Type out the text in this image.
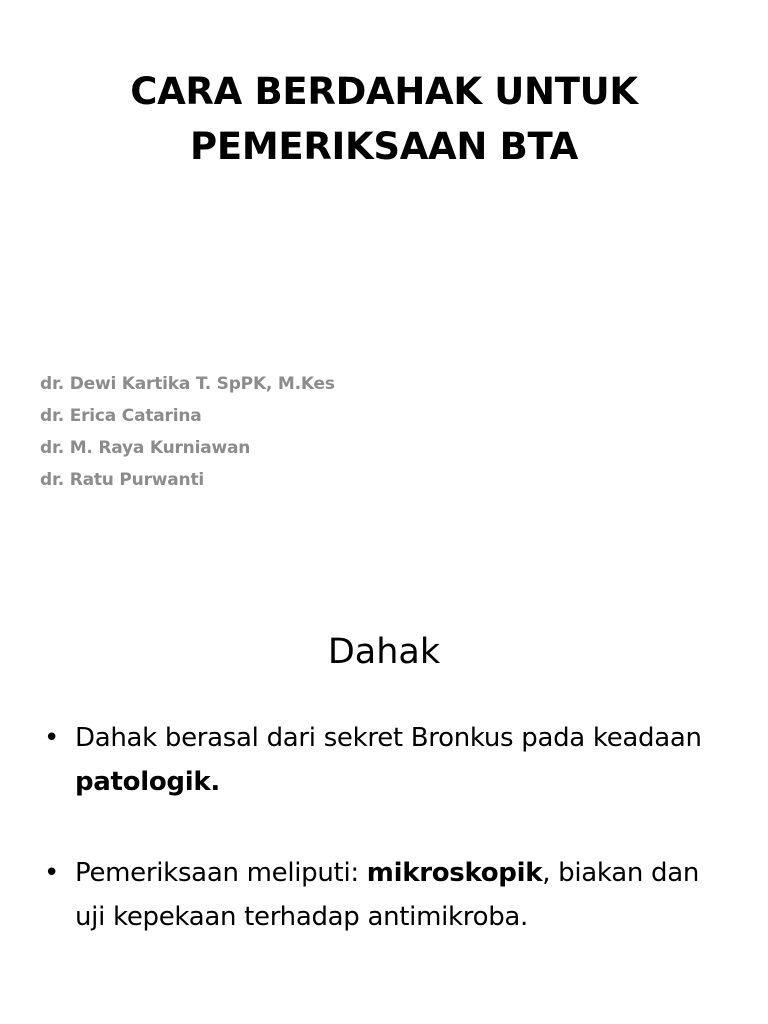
CARA BERDAHAK UNTUK
PEMERIKSAAN BTA
dr. Dewi Kartika T. SpPK, M.Kes
dr. Erica Catarina
dr. M. Raya Kurniawan
dr. Ratu Purwanti
Dahak
• Dahak berasal dari sekret Bronkus pada keadaan patologik.
• Pemeriksaan meliputi: mikroskopik, biakan dan uji kepekaan terhadap antimikroba.
